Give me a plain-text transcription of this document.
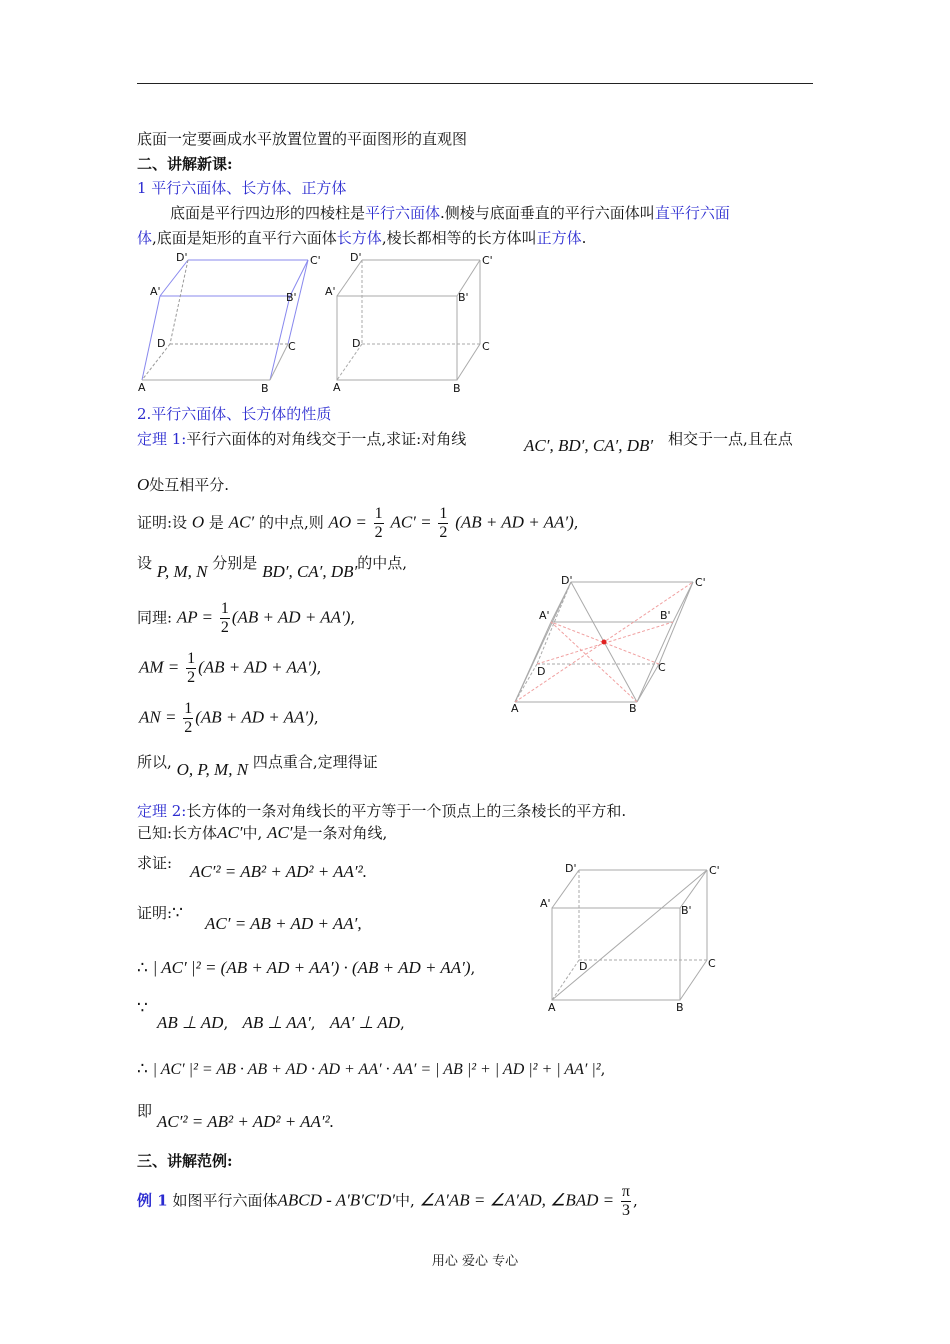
底面一定要画成水平放置位置的平面图形的直观图
二、讲解新课:
1 平行六面体、长方体、正方体
底面是平行四边形的四棱柱是平行六面体.侧棱与底面垂直的平行六面体叫直平行六面
体,底面是矩形的直平行六面体长方体,棱长都相等的长方体叫正方体.
D'	C'
A'	B'
D	C
A	B
D'	C'
A'	B'
D	C
A	B
2.平行六面体、长方体的性质
定理 1:平行六面体的对角线交于一点,求证:对角线	AC′, BD′, CA′, DB′ 相交于一点,且在点
O处互相平分.
证明:设 O 是 AC′ 的中点,则 AO = $\frac{1}{2} AC' = \frac{1}{2} (AB$ + AD + AA′),
设 P, M, N 分别是 BD′, CA′, DB′的中点,
同理: AP = $\frac{1}{2} (AB$ + AD + AA′),
AM = $\frac{1}{2} (AB$ + AD + AA′),
AN = $\frac{1}{2} (AB$ + AD + AA′),
所以, O, P, M, N 四点重合,定理得证
D'	C'
A'	B'
D	C
A	B
定理 2:长方体的一条对角线长的平方等于一个顶点上的三条棱长的平方和.
已知:长方体AC′中, AC′是一条对角线,
求证: AC′² = AB² + AD² + AA′².
证明:∵
AC′ = AB + AD + AA′,
∴ | AC′ |² = (AB + AD + AA′) · (AB + AD + AA′),
∵
AB ⊥ AD, AB ⊥ AA′, AA′ ⊥ AD,
∴ | AC′ |² = AB · AB + AD · AD + AA′ · AA′ = | AB |² + | AD |² + | AA′ |²,
即
AC′² = AB² + AD² + AA′².
D'	C'
A'
B'
D	C
A	B
三、讲解范例:
例 1 如图平行六面体ABCD - A′B′C′D′中, ∠A′AB = ∠A′AD, ∠BAD = $\frac{\pi}{3}$ ,
用心 爱心 专心
